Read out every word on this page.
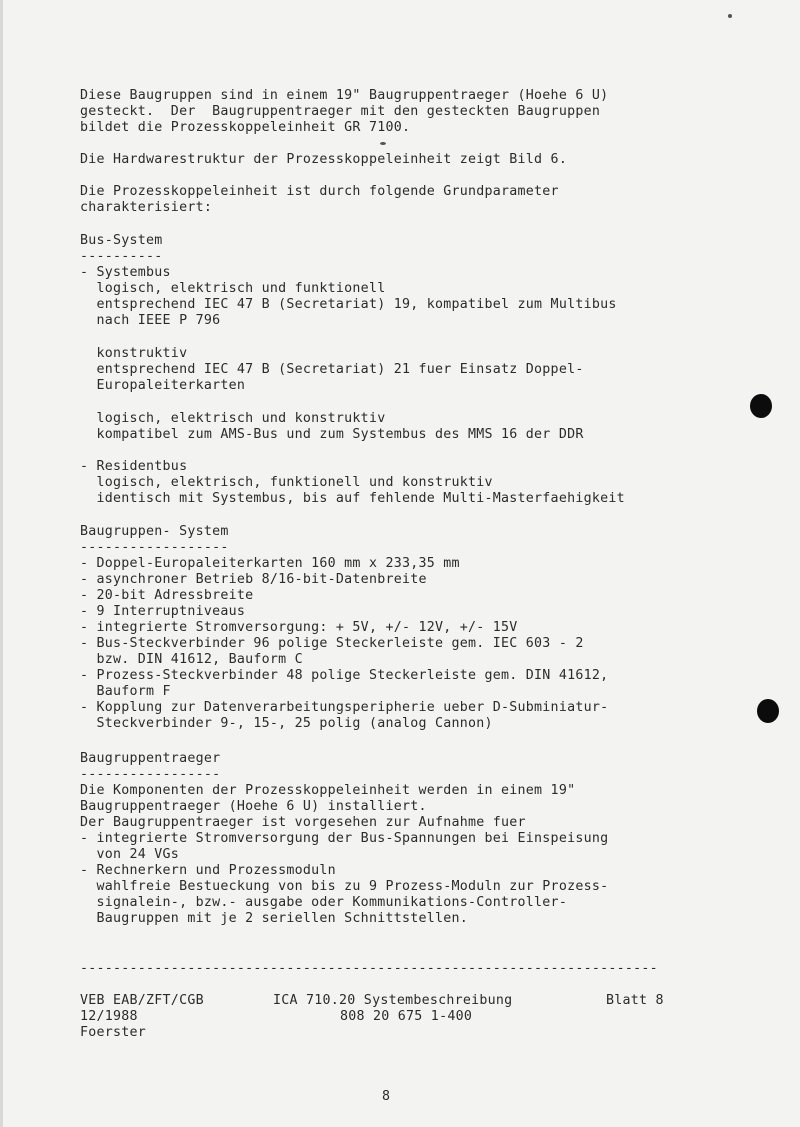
Diese Baugruppen sind in einem 19" Baugruppentraeger (Hoehe 6 U)
gesteckt.  Der  Baugruppentraeger mit den gesteckten Baugruppen
bildet die Prozesskoppeleinheit GR 7100.
Die Hardwarestruktur der Prozesskoppeleinheit zeigt Bild 6.
Die Prozesskoppeleinheit ist durch folgende Grundparameter
charakterisiert:
Bus-System
----------
- Systembus
logisch, elektrisch und funktionell
entsprechend IEC 47 B (Secretariat) 19, kompatibel zum Multibus
nach IEEE P 796
konstruktiv
entsprechend IEC 47 B (Secretariat) 21 fuer Einsatz Doppel-
Europaleiterkarten
logisch, elektrisch und konstruktiv
kompatibel zum AMS-Bus und zum Systembus des MMS 16 der DDR
- Residentbus
logisch, elektrisch, funktionell und konstruktiv
identisch mit Systembus, bis auf fehlende Multi-Masterfaehigkeit
Baugruppen- System
------------------
- Doppel-Europaleiterkarten 160 mm x 233,35 mm
- asynchroner Betrieb 8/16-bit-Datenbreite
- 20-bit Adressbreite
- 9 Interruptniveaus
- integrierte Stromversorgung: + 5V, +/- 12V, +/- 15V
- Bus-Steckverbinder 96 polige Steckerleiste gem. IEC 603 - 2
bzw. DIN 41612, Bauform C
- Prozess-Steckverbinder 48 polige Steckerleiste gem. DIN 41612,
Bauform F
- Kopplung zur Datenverarbeitungsperipherie ueber D-Subminiatur-
Steckverbinder 9-, 15-, 25 polig (analog Cannon)
Baugruppentraeger
-----------------
Die Komponenten der Prozesskoppeleinheit werden in einem 19"
Baugruppentraeger (Hoehe 6 U) installiert.
Der Baugruppentraeger ist vorgesehen zur Aufnahme fuer
- integrierte Stromversorgung der Bus-Spannungen bei Einspeisung
von 24 VGs
- Rechnerkern und Prozessmoduln
wahlfreie Bestueckung von bis zu 9 Prozess-Moduln zur Prozess-
signalein-, bzw.- ausgabe oder Kommunikations-Controller-
Baugruppen mit je 2 seriellen Schnittstellen.
----------------------------------------------------------------------
VEB EAB/ZFT/CGB
12/1988
Foerster
ICA 710.20 Systembeschreibung
808 20 675 1-400
Blatt 8
8
